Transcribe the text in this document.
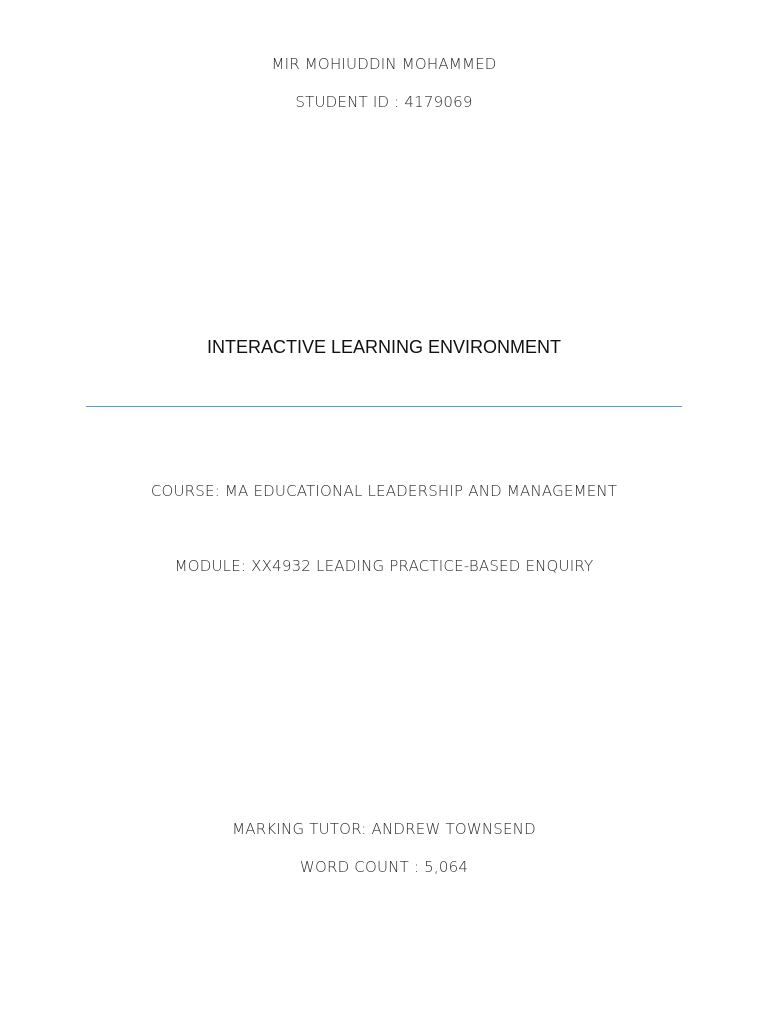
MIR MOHIUDDIN MOHAMMED
STUDENT ID : 4179069
INTERACTIVE LEARNING ENVIRONMENT
COURSE: MA EDUCATIONAL LEADERSHIP AND MANAGEMENT
MODULE: XX4932 LEADING PRACTICE-BASED ENQUIRY
MARKING TUTOR: ANDREW TOWNSEND
WORD COUNT : 5,064
